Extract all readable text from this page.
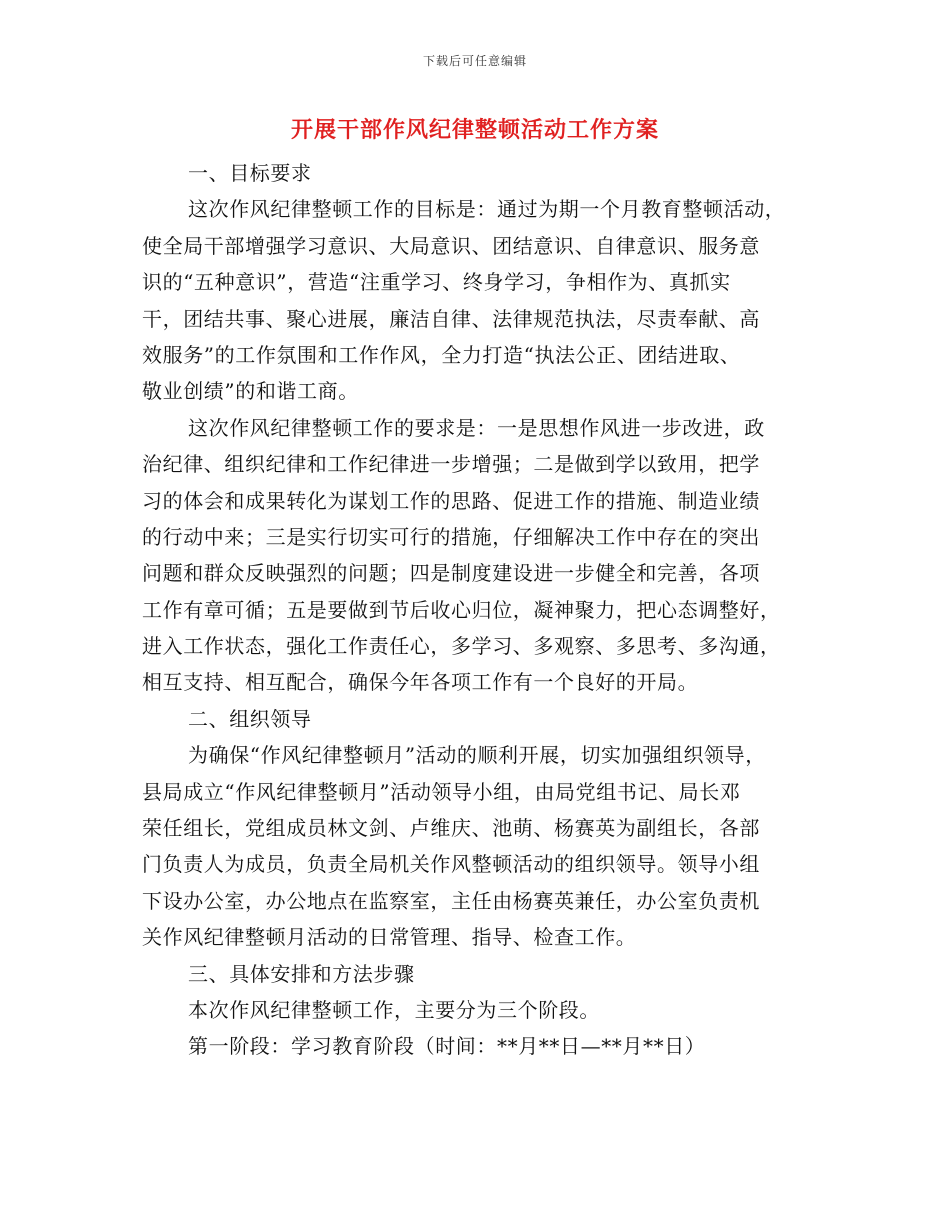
下载后可任意编辑
开展干部作风纪律整顿活动工作方案
一、目标要求
这次作风纪律整顿工作的目标是：通过为期一个月教育整顿活动，
使全局干部增强学习意识、大局意识、团结意识、自律意识、服务意
识的“五种意识”，营造“注重学习、终身学习，争相作为、真抓实
干，团结共事、聚心进展，廉洁自律、法律规范执法，尽责奉献、高
效服务”的工作氛围和工作作风，全力打造“执法公正、团结进取、
敬业创绩”的和谐工商。
这次作风纪律整顿工作的要求是：一是思想作风进一步改进，政
治纪律、组织纪律和工作纪律进一步增强；二是做到学以致用，把学
习的体会和成果转化为谋划工作的思路、促进工作的措施、制造业绩
的行动中来；三是实行切实可行的措施，仔细解决工作中存在的突出
问题和群众反映强烈的问题；四是制度建设进一步健全和完善，各项
工作有章可循；五是要做到节后收心归位，凝神聚力，把心态调整好，
进入工作状态，强化工作责任心，多学习、多观察、多思考、多沟通，
相互支持、相互配合，确保今年各项工作有一个良好的开局。
二、组织领导
为确保“作风纪律整顿月”活动的顺利开展，切实加强组织领导，
县局成立“作风纪律整顿月”活动领导小组，由局党组书记、局长邓
荣任组长，党组成员林文剑、卢维庆、池萌、杨赛英为副组长，各部
门负责人为成员，负责全局机关作风整顿活动的组织领导。领导小组
下设办公室，办公地点在监察室，主任由杨赛英兼任，办公室负责机
关作风纪律整顿月活动的日常管理、指导、检查工作。
三、具体安排和方法步骤
本次作风纪律整顿工作，主要分为三个阶段。
第一阶段：学习教育阶段（时间：**月**日—**月**日）
